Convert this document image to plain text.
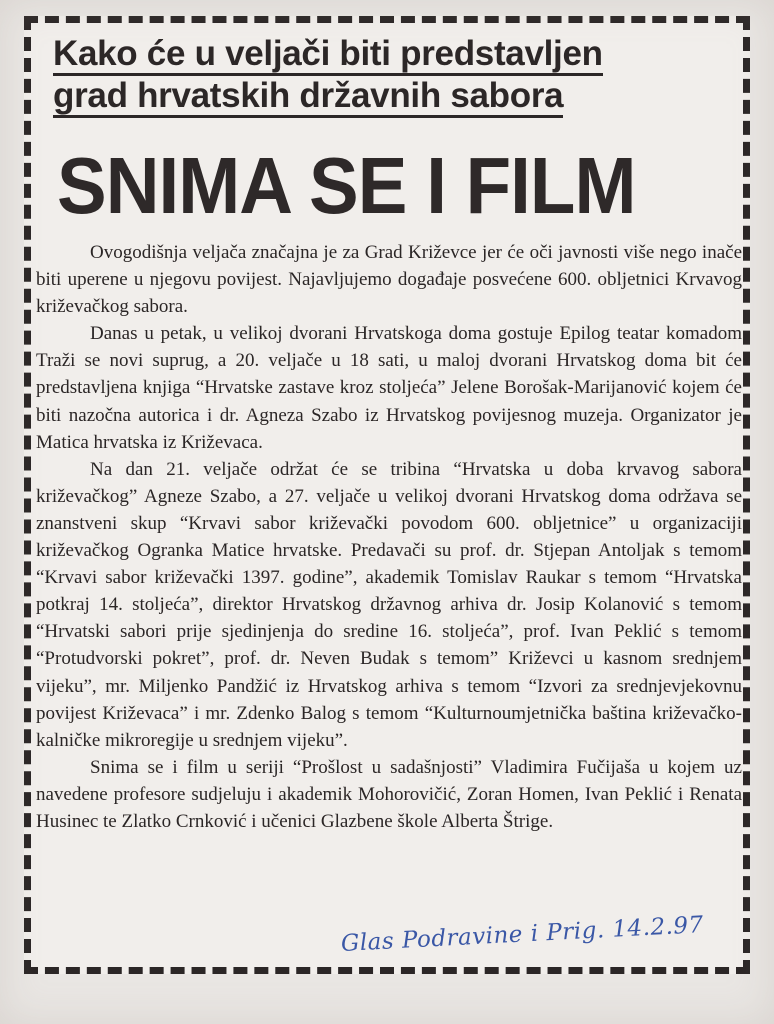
Kako će u veljači biti predstavljen
grad hrvatskih državnih sabora
SNIMA SE I FILM

Ovogodišnja veljača značajna je za Grad Križevce jer će oči javnosti više nego inače biti uperene u njegovu povijest. Najavljujemo događaje posvećene 600. obljetnici Krvavog križevačkog sabora.

Danas u petak, u velikoj dvorani Hrvatskoga doma gostuje Epilog teatar komadom Traži se novi suprug, a 20. veljače u 18 sati, u maloj dvorani Hrvatskog doma bit će predstavljena knjiga “Hrvatske zastave kroz stoljeća” Jelene Borošak-Marijanović kojem će biti nazočna autorica i dr. Agneza Szabo iz Hrvatskog povijesnog muzeja. Organizator je Matica hrvatska iz Križevaca.

Na dan 21. veljače održat će se tribina “Hrvatska u doba krvavog sabora križevačkog” Agneze Szabo, a 27. veljače u velikoj dvorani Hrvatskog doma održava se znanstveni skup “Krvavi sabor križevački povodom 600. obljetnice” u organizaciji križevačkog Ogranka Matice hrvatske. Predavači su prof. dr. Stjepan Antoljak s temom “Krvavi sabor križevački 1397. godine”, akademik Tomislav Raukar s temom “Hrvatska potkraj 14. stoljeća”, direktor Hrvatskog državnog arhiva dr. Josip Kolanović s temom “Hrvatski sabori prije sjedinjenja do sredine 16. stoljeća”, prof. Ivan Peklić s temom “Protudvorski pokret”, prof. dr. Neven Budak s temom” Križevci u kasnom srednjem vijeku”, mr. Miljenko Pandžić iz Hrvatskog arhiva s temom “Izvori za srednjevjekovnu povijest Križevaca” i mr. Zdenko Balog s temom “Kulturnoumjetnička baština križevačko-kalničke mikroregije u srednjem vijeku”.

Snima se i film u seriji “Prošlost u sadašnjosti” Vladimira Fučijaša u kojem uz navedene profesore sudjeluju i akademik Mohorovičić, Zoran Homen, Ivan Peklić i Renata Husinec te Zlatko Crnković i učenici Glazbene škole Alberta Štrige.

Glas Podravine i Prig. 14.2.97
